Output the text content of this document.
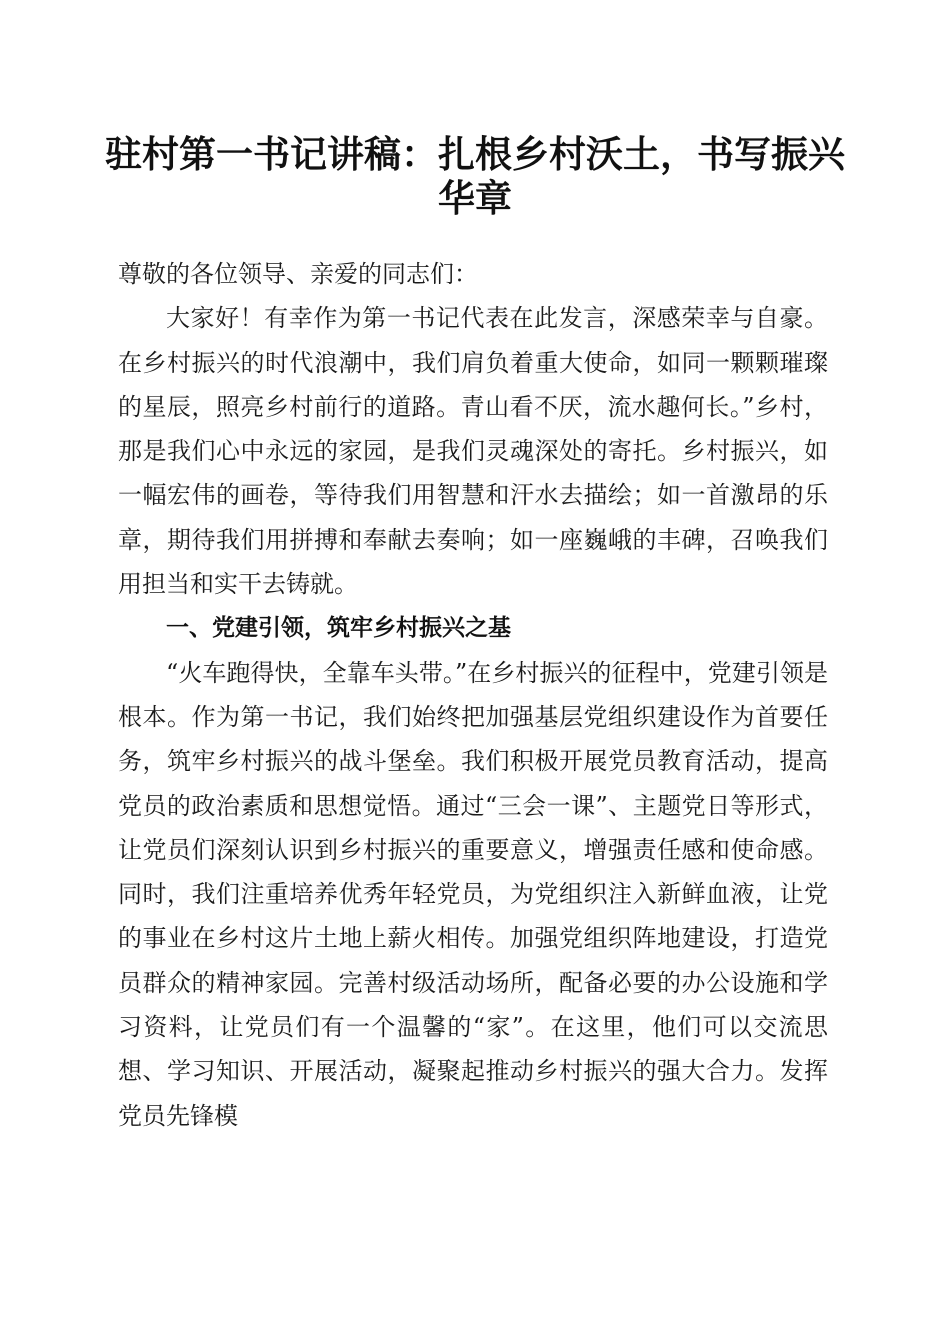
驻村第一书记讲稿：扎根乡村沃土，书写振兴华章

尊敬的各位领导、亲爱的同志们：

大家好！有幸作为第一书记代表在此发言，深感荣幸与自豪。在乡村振兴的时代浪潮中，我们肩负着重大使命，如同一颗颗璀璨的星辰，照亮乡村前行的道路。青山看不厌，流水趣何长。”乡村，那是我们心中永远的家园，是我们灵魂深处的寄托。乡村振兴，如一幅宏伟的画卷，等待我们用智慧和汗水去描绘；如一首激昂的乐章，期待我们用拼搏和奉献去奏响；如一座巍峨的丰碑，召唤我们用担当和实干去铸就。

一、党建引领，筑牢乡村振兴之基

“火车跑得快，全靠车头带。”在乡村振兴的征程中，党建引领是根本。作为第一书记，我们始终把加强基层党组织建设作为首要任务，筑牢乡村振兴的战斗堡垒。我们积极开展党员教育活动，提高党员的政治素质和思想觉悟。通过“三会一课”、主题党日等形式，让党员们深刻认识到乡村振兴的重要意义，增强责任感和使命感。同时，我们注重培养优秀年轻党员，为党组织注入新鲜血液，让党的事业在乡村这片土地上薪火相传。加强党组织阵地建设，打造党员群众的精神家园。完善村级活动场所，配备必要的办公设施和学习资料，让党员们有一个温馨的“家”。在这里，他们可以交流思想、学习知识、开展活动，凝聚起推动乡村振兴的强大合力。发挥党员先锋模
